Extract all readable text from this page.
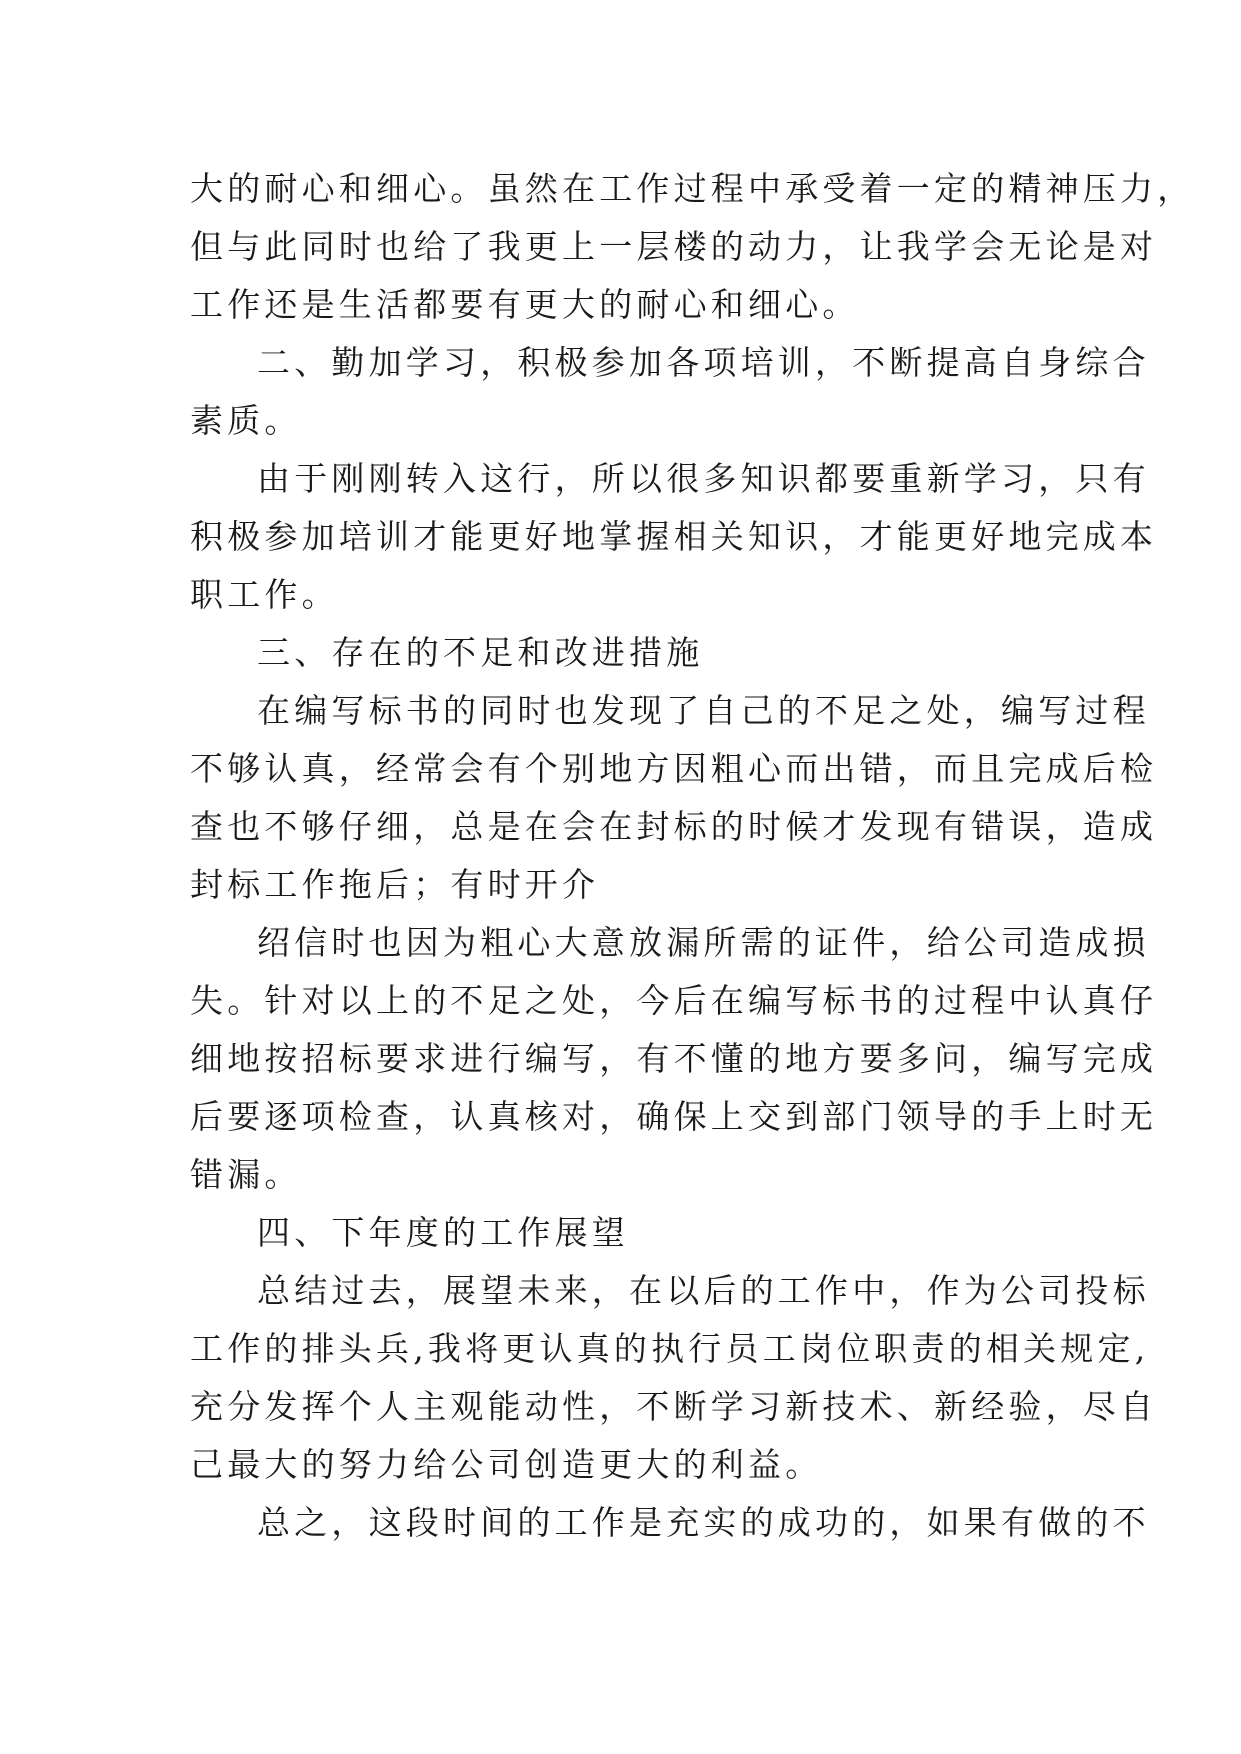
大的耐心和细心。虽然在工作过程中承受着一定的精神压力，
但与此同时也给了我更上一层楼的动力，让我学会无论是对
工作还是生活都要有更大的耐心和细心。
二、勤加学习，积极参加各项培训，不断提高自身综合
素质。
由于刚刚转入这行，所以很多知识都要重新学习，只有
积极参加培训才能更好地掌握相关知识，才能更好地完成本
职工作。
三、存在的不足和改进措施
在编写标书的同时也发现了自己的不足之处，编写过程
不够认真，经常会有个别地方因粗心而出错，而且完成后检
查也不够仔细，总是在会在封标的时候才发现有错误，造成
封标工作拖后；有时开介
绍信时也因为粗心大意放漏所需的证件，给公司造成损
失。针对以上的不足之处，今后在编写标书的过程中认真仔
细地按招标要求进行编写，有不懂的地方要多问，编写完成
后要逐项检查，认真核对，确保上交到部门领导的手上时无
错漏。
四、下年度的工作展望
总结过去，展望未来，在以后的工作中，作为公司投标
工作的排头兵,我将更认真的执行员工岗位职责的相关规定,
充分发挥个人主观能动性，不断学习新技术、新经验，尽自
己最大的努力给公司创造更大的利益。
总之，这段时间的工作是充实的成功的，如果有做的不
